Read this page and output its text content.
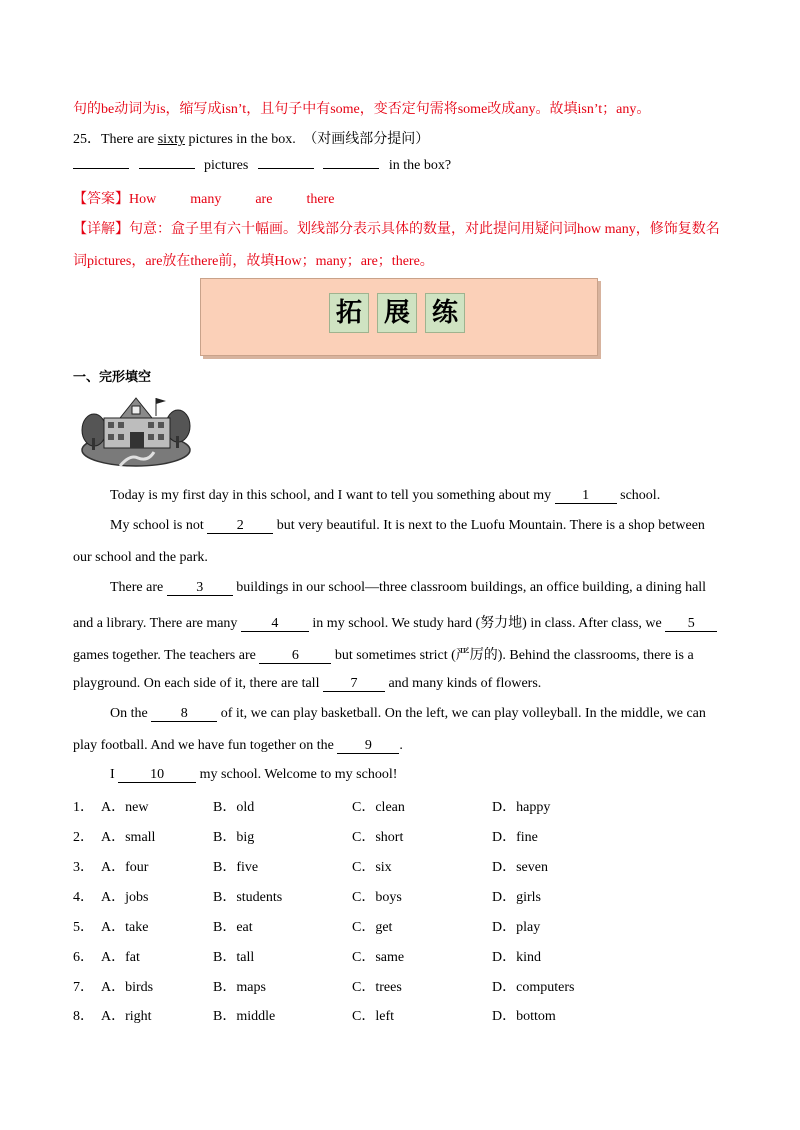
句的be动词为is，缩写成isn’t，且句子中有some，变否定句需将some改成any。故填isn’t；any。
25．There are sixty pictures in the box. （对画线部分提问）
pictures	in the box?
【答案】How many are there
【详解】句意：盒子里有六十幅画。划线部分表示具体的数量，对此提问用疑问词how many，修饰复数名
词pictures，are放在there前，故填How；many；are；there。
拓 展 练
一、完形填空
Today is my first day in this school, and I want to tell you something about my 1 school.
My school is not 2 but very beautiful. It is next to the Luofu Mountain. There is a shop between
our school and the park.
There are 3 buildings in our school—three classroom buildings, an office building, a dining hall
and a library. There are many 4 in my school. We study hard (努力地) in class. After class, we 5
games together. The teachers are 6 but sometimes strict (严厉的). Behind the classrooms, there is a
playground. On each side of it, there are tall 7 and many kinds of flowers.
On the 8 of it, we can play basketball. On the left, we can play volleyball. In the middle, we can
play football. And we have fun together on the 9 .
I 10 my school. Welcome to my school!
1． A．new	B．old	C．clean	D．happy
2． A．small	B．big	C．short	D．fine
3． A．four	B．five	C．six	D．seven
4． A．jobs	B．students	C．boys	D．girls
5． A．take	B．eat	C．get	D．play
6． A．fat	B．tall	C．same	D．kind
7． A．birds	B．maps	C．trees	D．computers
8． A．right	B．middle	C．left	D．bottom
